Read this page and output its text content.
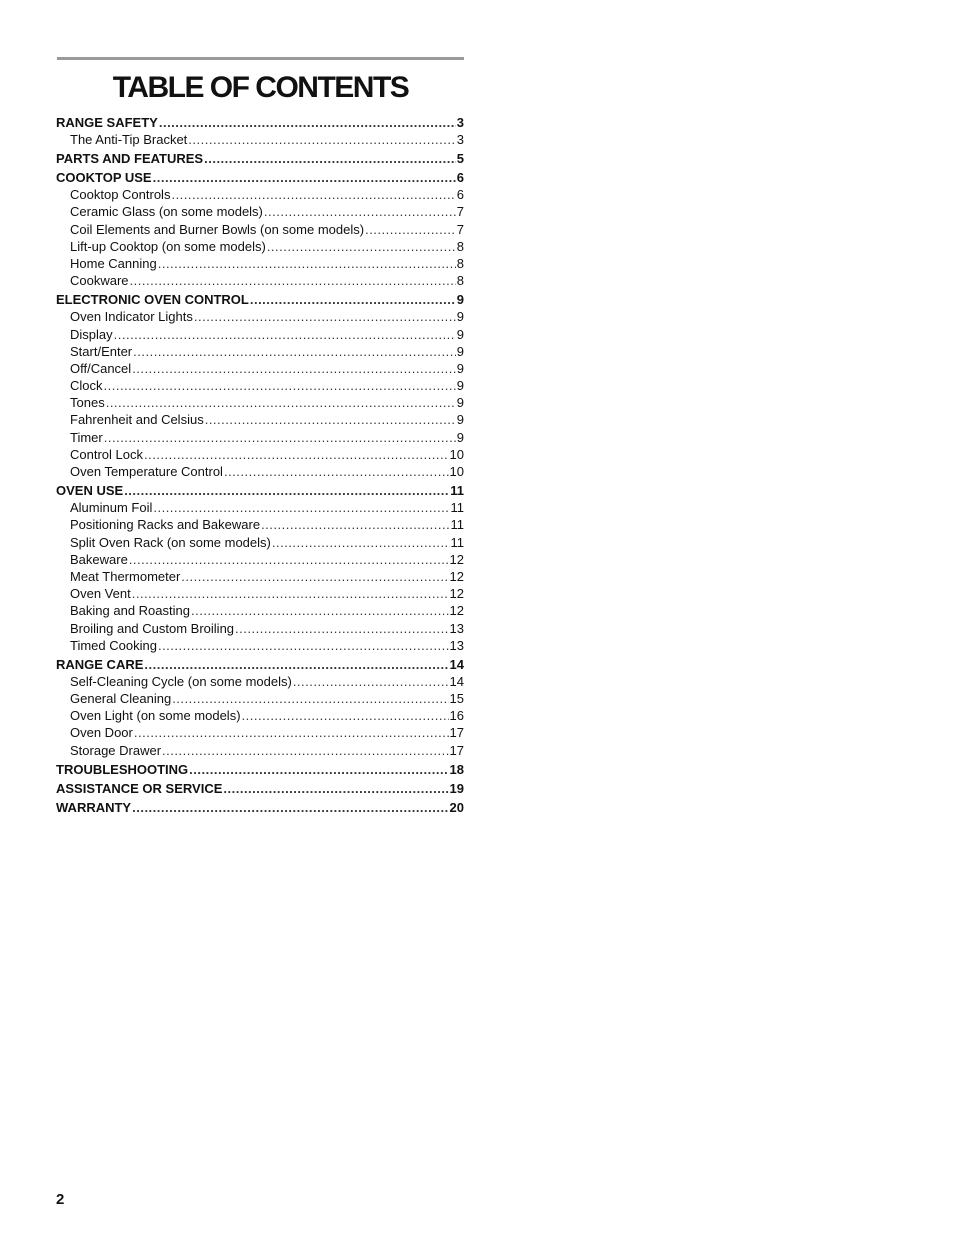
TABLE OF CONTENTS
RANGE SAFETY .....	3
The Anti-Tip Bracket .....	3
PARTS AND FEATURES .....	5
COOKTOP USE .....	6
Cooktop Controls .....	6
Ceramic Glass (on some models) .....	7
Coil Elements and Burner Bowls (on some models) .....	7
Lift-up Cooktop (on some models) .....	8
Home Canning .....	8
Cookware .....	8
ELECTRONIC OVEN CONTROL .....	9
Oven Indicator Lights .....	9
Display .....	9
Start/Enter .....	9
Off/Cancel .....	9
Clock .....	9
Tones .....	9
Fahrenheit and Celsius .....	9
Timer .....	9
Control Lock .....	10
Oven Temperature Control .....	10
OVEN USE .....	11
Aluminum Foil .....	11
Positioning Racks and Bakeware .....	11
Split Oven Rack (on some models) .....	11
Bakeware .....	12
Meat Thermometer .....	12
Oven Vent .....	12
Baking and Roasting .....	12
Broiling and Custom Broiling .....	13
Timed Cooking .....	13
RANGE CARE .....	14
Self-Cleaning Cycle (on some models) .....	14
General Cleaning .....	15
Oven Light (on some models) .....	16
Oven Door .....	17
Storage Drawer .....	17
TROUBLESHOOTING .....	18
ASSISTANCE OR SERVICE .....	19
WARRANTY .....	20
2
